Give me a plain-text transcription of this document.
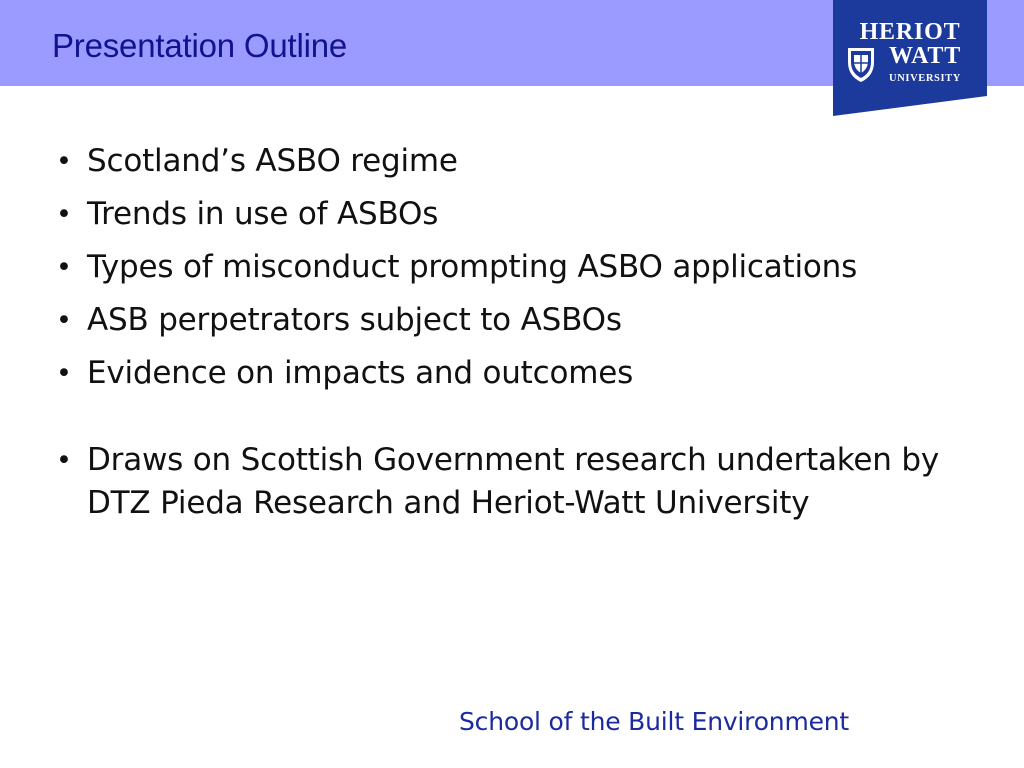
Presentation Outline	HERIOT
WATT
UNIVERSITY
• Scotland’s ASBO regime
• Trends in use of ASBOs
• Types of misconduct prompting ASBO applications
• ASB perpetrators subject to ASBOs
• Evidence on impacts and outcomes
• Draws on Scottish Government research undertaken by DTZ Pieda Research and Heriot-Watt University
School of the Built Environment
